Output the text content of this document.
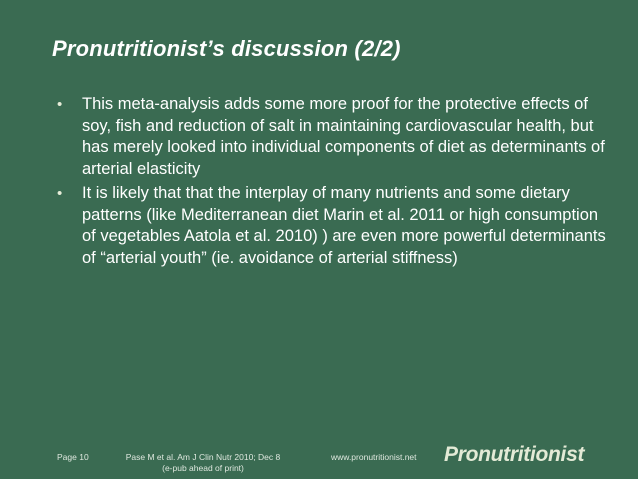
Pronutritionist’s discussion (2/2)
• This meta-analysis adds some more proof for the protective effects of soy, fish and reduction of salt in maintaining cardiovascular health, but has merely looked into individual components of diet as determinants of arterial elasticity
• It is likely that that the interplay of many nutrients and some dietary patterns (like Mediterranean diet Marin et al. 2011 or high consumption of vegetables Aatola et al. 2010) ) are even more powerful determinants of “arterial youth” (ie. avoidance of arterial stiffness)
Page 10	Pase M et al. Am J Clin Nutr 2010; Dec 8
(e-pub ahead of print)
www.pronutritionist.net Pronutritionist
